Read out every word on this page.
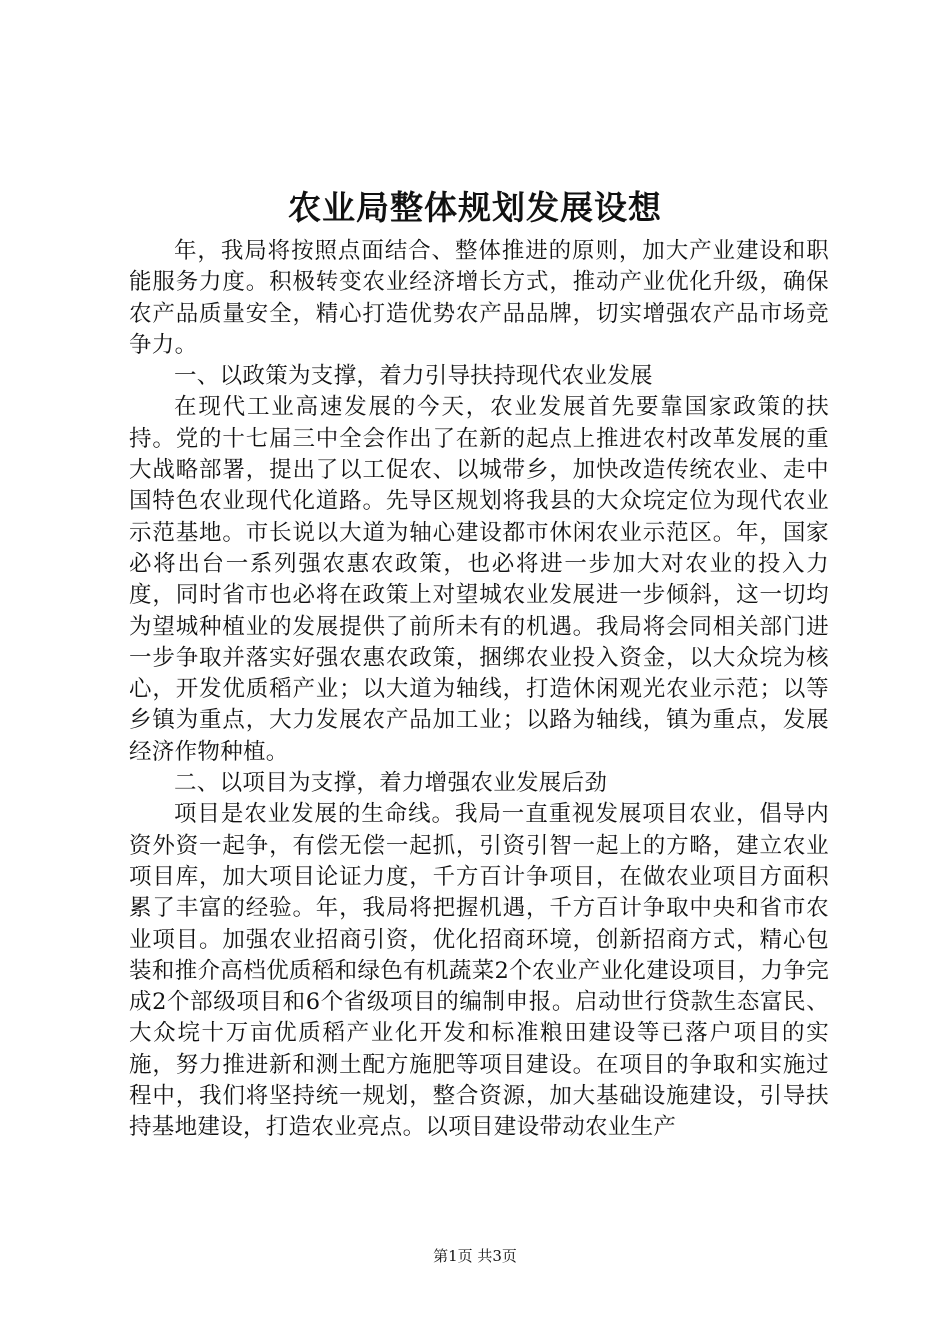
农业局整体规划发展设想

年，我局将按照点面结合、整体推进的原则，加大产业建设和职能服务力度。积极转变农业经济增长方式，推动产业优化升级，确保农产品质量安全，精心打造优势农产品品牌，切实增强农产品市场竞争力。

一、以政策为支撑，着力引导扶持现代农业发展

在现代工业高速发展的今天，农业发展首先要靠国家政策的扶持。党的十七届三中全会作出了在新的起点上推进农村改革发展的重大战略部署，提出了以工促农、以城带乡，加快改造传统农业、走中国特色农业现代化道路。先导区规划将我县的大众垸定位为现代农业示范基地。市长说以大道为轴心建设都市休闲农业示范区。年，国家必将出台一系列强农惠农政策，也必将进一步加大对农业的投入力度，同时省市也必将在政策上对望城农业发展进一步倾斜，这一切均为望城种植业的发展提供了前所未有的机遇。我局将会同相关部门进一步争取并落实好强农惠农政策，捆绑农业投入资金，以大众垸为核心，开发优质稻产业；以大道为轴线，打造休闲观光农业示范；以等乡镇为重点，大力发展农产品加工业；以路为轴线，镇为重点，发展经济作物种植。

二、以项目为支撑，着力增强农业发展后劲

项目是农业发展的生命线。我局一直重视发展项目农业，倡导内资外资一起争，有偿无偿一起抓，引资引智一起上的方略，建立农业项目库，加大项目论证力度，千方百计争项目，在做农业项目方面积累了丰富的经验。年，我局将把握机遇，千方百计争取中央和省市农业项目。加强农业招商引资，优化招商环境，创新招商方式，精心包装和推介高档优质稻和绿色有机蔬菜2个农业产业化建设项目，力争完成2个部级项目和6个省级项目的编制申报。启动世行贷款生态富民、大众垸十万亩优质稻产业化开发和标准粮田建设等已落户项目的实施，努力推进新和测土配方施肥等项目建设。在项目的争取和实施过程中，我们将坚持统一规划，整合资源，加大基础设施建设，引导扶持基地建设，打造农业亮点。以项目建设带动农业生产

第1页 共3页
